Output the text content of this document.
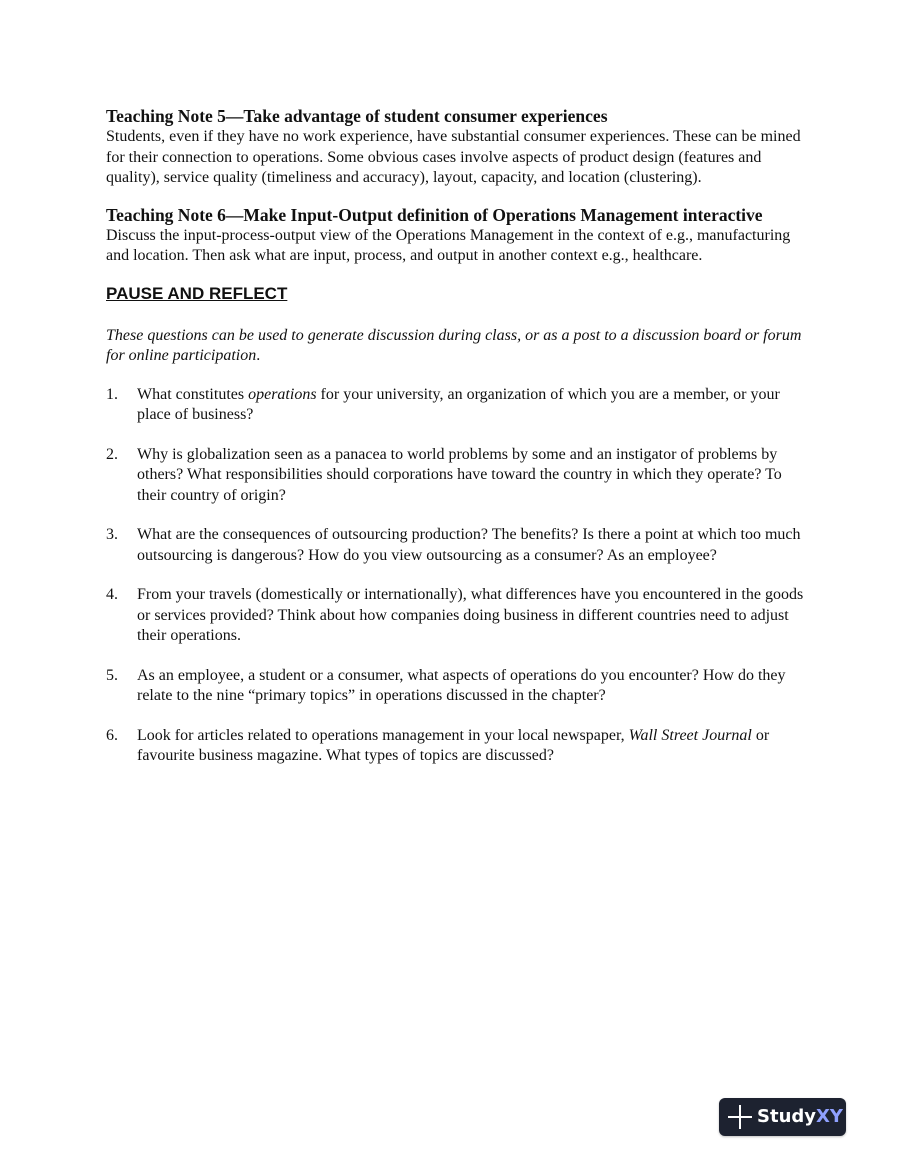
Teaching Note 5—Take advantage of student consumer experiences

Students, even if they have no work experience, have substantial consumer experiences. These can be mined for their connection to operations. Some obvious cases involve aspects of product design (features and quality), service quality (timeliness and accuracy), layout, capacity, and location (clustering).

Teaching Note 6—Make Input-Output definition of Operations Management interactive

Discuss the input-process-output view of the Operations Management in the context of e.g., manufacturing and location. Then ask what are input, process, and output in another context e.g., healthcare.

PAUSE AND REFLECT

These questions can be used to generate discussion during class, or as a post to a discussion board or forum for online participation.

1. What constitutes operations for your university, an organization of which you are a member, or your place of business?
2. Why is globalization seen as a panacea to world problems by some and an instigator of problems by others? What responsibilities should corporations have toward the country in which they operate? To their country of origin?
3. What are the consequences of outsourcing production? The benefits? Is there a point at which too much outsourcing is dangerous? How do you view outsourcing as a consumer? As an employee?
4. From your travels (domestically or internationally), what differences have you encountered in the goods or services provided? Think about how companies doing business in different countries need to adjust their operations.
5. As an employee, a student or a consumer, what aspects of operations do you encounter? How do they relate to the nine “primary topics” in operations discussed in the chapter?
6. Look for articles related to operations management in your local newspaper, Wall Street Journal or favourite business magazine. What types of topics are discussed?
StudyXY
